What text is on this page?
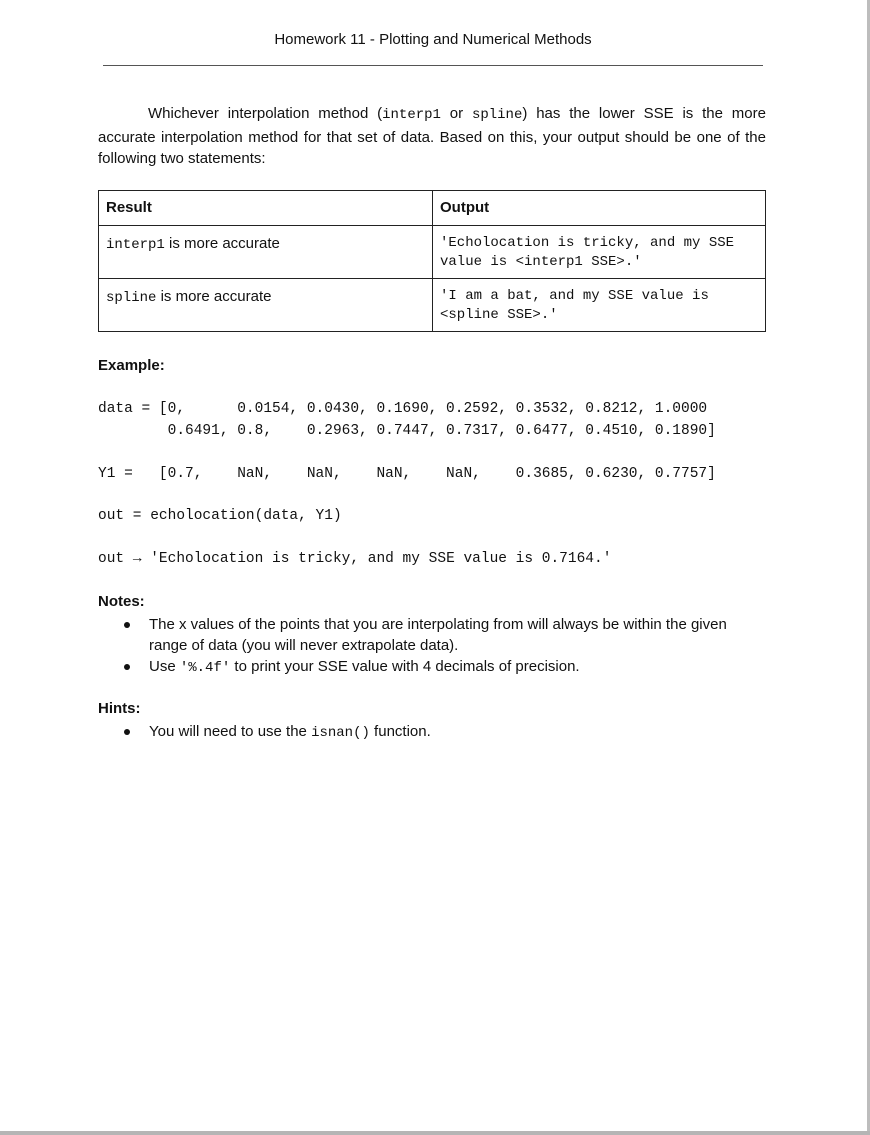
Homework 11 - Plotting and Numerical Methods

Whichever interpolation method (interp1 or spline) has the lower SSE is the more accurate interpolation method for that set of data. Based on this, your output should be one of the following two statements:

Result	Output
interp1 is more accurate	'Echolocation is tricky, and my SSE
value is <interp1 SSE>.'
spline is more accurate	'I am a bat, and my SSE value is
<spline SSE>.'
Example:
data = [0,      0.0154, 0.0430, 0.1690, 0.2592, 0.3532, 0.8212, 1.0000
0.6491, 0.8,    0.2963, 0.7447, 0.7317, 0.6477, 0.4510, 0.1890]
Y1 =   [0.7,    NaN,    NaN,    NaN,    NaN,    0.3685, 0.6230, 0.7757]
out = echolocation(data, Y1)
out → 'Echolocation is tricky, and my SSE value is 0.7164.'
Notes:
The x values of the points that you are interpolating from will always be within the given range of data (you will never extrapolate data).
Use '%.4f' to print your SSE value with 4 decimals of precision.
Hints:
You will need to use the isnan() function.
